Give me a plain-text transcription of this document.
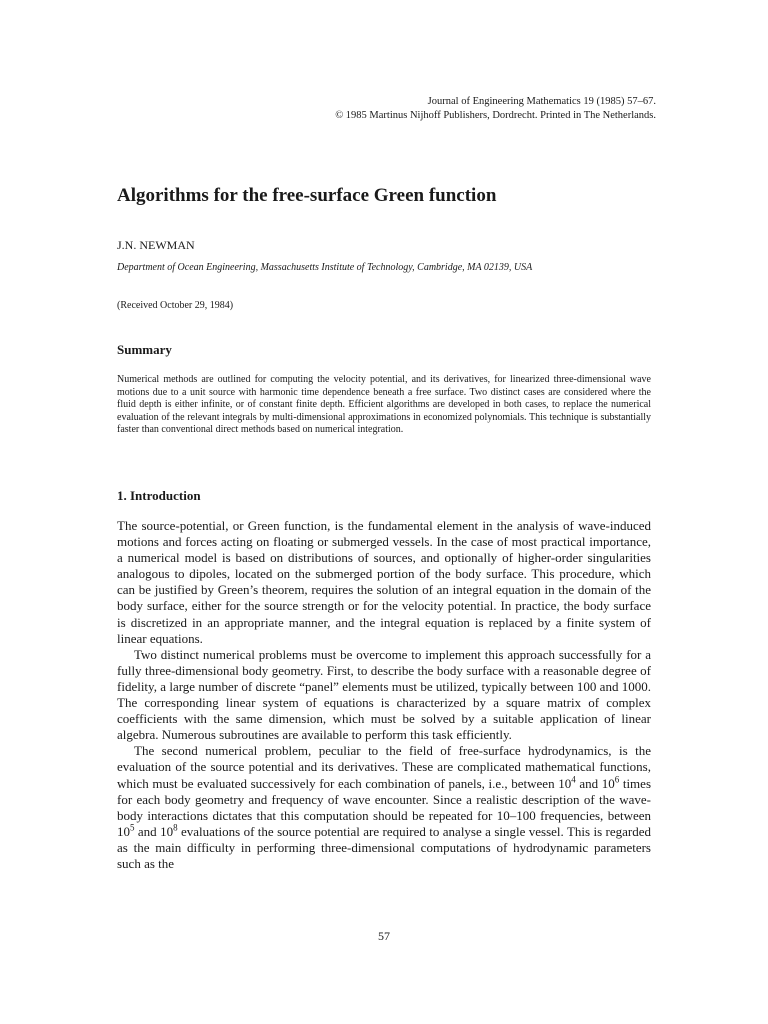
Journal of Engineering Mathematics 19 (1985) 57–67.
© 1985 Martinus Nijhoff Publishers, Dordrecht. Printed in The Netherlands.
Algorithms for the free-surface Green function

J.N. NEWMAN

Department of Ocean Engineering, Massachusetts Institute of Technology, Cambridge, MA 02139, USA

(Received October 29, 1984)

Summary

Numerical methods are outlined for computing the velocity potential, and its derivatives, for linearized three-dimensional wave motions due to a unit source with harmonic time dependence beneath a free surface. Two distinct cases are considered where the fluid depth is either infinite, or of constant finite depth. Efficient algorithms are developed in both cases, to replace the numerical evaluation of the relevant integrals by multi-dimensional approximations in economized polynomials. This technique is substantially faster than conventional direct methods based on numerical integration.

1. Introduction

The source-potential, or Green function, is the fundamental element in the analysis of wave-induced motions and forces acting on floating or submerged vessels. In the case of most practical importance, a numerical model is based on distributions of sources, and optionally of higher-order singularities analogous to dipoles, located on the submerged portion of the body surface. This procedure, which can be justified by Green’s theorem, requires the solution of an integral equation in the domain of the body surface, either for the source strength or for the velocity potential. In practice, the body surface is discretized in an appropriate manner, and the integral equation is replaced by a finite system of linear equations.

Two distinct numerical problems must be overcome to implement this approach successfully for a fully three-dimensional body geometry. First, to describe the body surface with a reasonable degree of fidelity, a large number of discrete “panel” elements must be utilized, typically between 100 and 1000. The corresponding linear system of equations is characterized by a square matrix of complex coefficients with the same dimension, which must be solved by a suitable application of linear algebra. Numerous subroutines are available to perform this task efficiently.

The second numerical problem, peculiar to the field of free-surface hydrodynamics, is the evaluation of the source potential and its derivatives. These are complicated mathematical functions, which must be evaluated successively for each combination of panels, i.e., between $10^4$ and $10^6$ times for each body geometry and frequency of wave encounter. Since a realistic description of the wave-body interactions dictates that this computation should be repeated for 10–100 frequencies, between $10^5$ and $10^8$ evaluations of the source potential are required to analyse a single vessel. This is regarded as the main difficulty in performing three-dimensional computations of hydrodynamic parameters such as the

57
